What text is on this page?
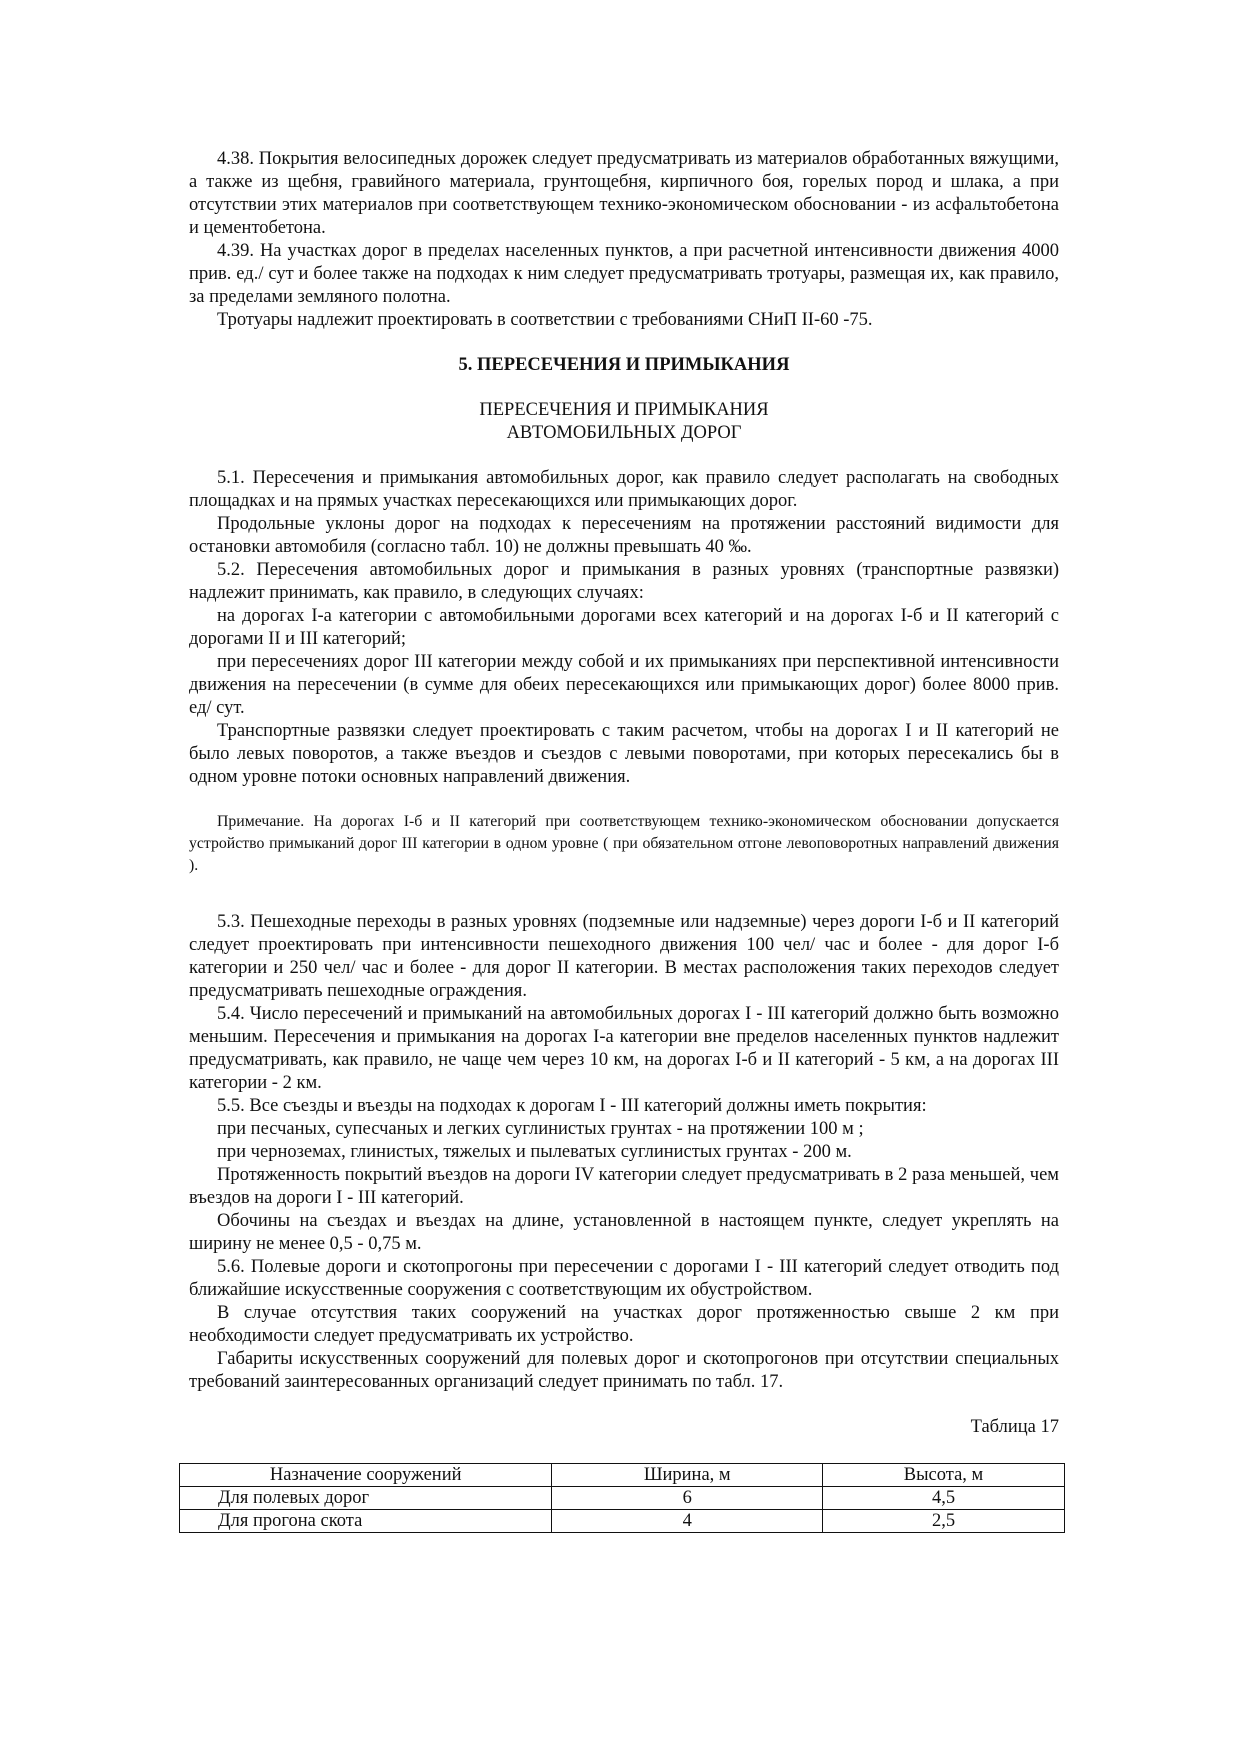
4.38. Покрытия велосипедных дорожек следует предусматривать из материалов обработанных вяжущими, а также из щебня, гравийного материала, грунтощебня, кирпичного боя, горелых пород и шлака, а при отсутствии этих материалов при соответствующем технико-экономическом обосновании - из асфальтобетона и цементобетона.

4.39. На участках дорог в пределах населенных пунктов, а при расчетной интенсивности движения 4000 прив. ед./ сут и более также на подходах к ним следует предусматривать тротуары, размещая их, как правило, за пределами земляного полотна.

Тротуары надлежит проектировать в соответствии с требованиями СНиП II-60 -75.

5. ПЕРЕСЕЧЕНИЯ И ПРИМЫКАНИЯ

ПЕРЕСЕЧЕНИЯ И ПРИМЫКАНИЯ

АВТОМОБИЛЬНЫХ ДОРОГ

5.1. Пересечения и примыкания автомобильных дорог, как правило следует располагать на свободных площадках и на прямых участках пересекающихся или примыкающих дорог.

Продольные уклоны дорог на подходах к пересечениям на протяжении расстояний видимости для остановки автомобиля (согласно табл. 10) не должны превышать 40 ‰.

5.2. Пересечения автомобильных дорог и примыкания в разных уровнях (транспортные развязки) надлежит принимать, как правило, в следующих случаях:

на дорогах I-а категории с автомобильными дорогами всех категорий и на дорогах I-б и II категорий с дорогами II и III категорий;

при пересечениях дорог III категории между собой и их примыканиях при перспективной интенсивности движения на пересечении (в сумме для обеих пересекающихся или примыкающих дорог) более 8000 прив. ед/ сут.

Транспортные развязки следует проектировать с таким расчетом, чтобы на дорогах I и II категорий не было левых поворотов, а также въездов и съездов с левыми поворотами, при которых пересекались бы в одном уровне потоки основных направлений движения.

Примечание. На дорогах I-б и II категорий при соответствующем технико-экономическом обосновании допускается устройство примыканий дорог III категории в одном уровне ( при обязательном отгоне левоповоротных направлений движения ).

5.3. Пешеходные переходы в разных уровнях (подземные или надземные) через дороги I-б и II категорий следует проектировать при интенсивности пешеходного движения 100 чел/ час и более - для дорог I-б категории и 250 чел/ час и более - для дорог II категории. В местах расположения таких переходов следует предусматривать пешеходные ограждения.

5.4. Число пересечений и примыканий на автомобильных дорогах I - III категорий должно быть возможно меньшим. Пересечения и примыкания на дорогах I-а категории вне пределов населенных пунктов надлежит предусматривать, как правило, не чаще чем через 10 км, на дорогах I-б и II категорий - 5 км, а на дорогах III категории - 2 км.

5.5. Все съезды и въезды на подходах к дорогам I - III категорий должны иметь покрытия:

при песчаных, супесчаных и легких суглинистых грунтах - на протяжении 100 м ;

при черноземах, глинистых, тяжелых и пылеватых суглинистых грунтах - 200 м.

Протяженность покрытий въездов на дороги IV категории следует предусматривать в 2 раза меньшей, чем въездов на дороги I - III категорий.

Обочины на съездах и въездах на длине, установленной в настоящем пункте, следует укреплять на ширину не менее 0,5 - 0,75 м.

5.6. Полевые дороги и скотопрогоны при пересечении с дорогами I - III категорий следует отводить под ближайшие искусственные сооружения с соответствующим их обустройством.

В случае отсутствия таких сооружений на участках дорог протяженностью свыше 2 км при необходимости следует предусматривать их устройство.

Габариты искусственных сооружений для полевых дорог и скотопрогонов при отсутствии специальных требований заинтересованных организаций следует принимать по табл. 17.

Таблица 17

Назначение сооружений	Ширина, м	Высота, м
Для полевых дорог	6	4,5
Для прогона скота	4	2,5
